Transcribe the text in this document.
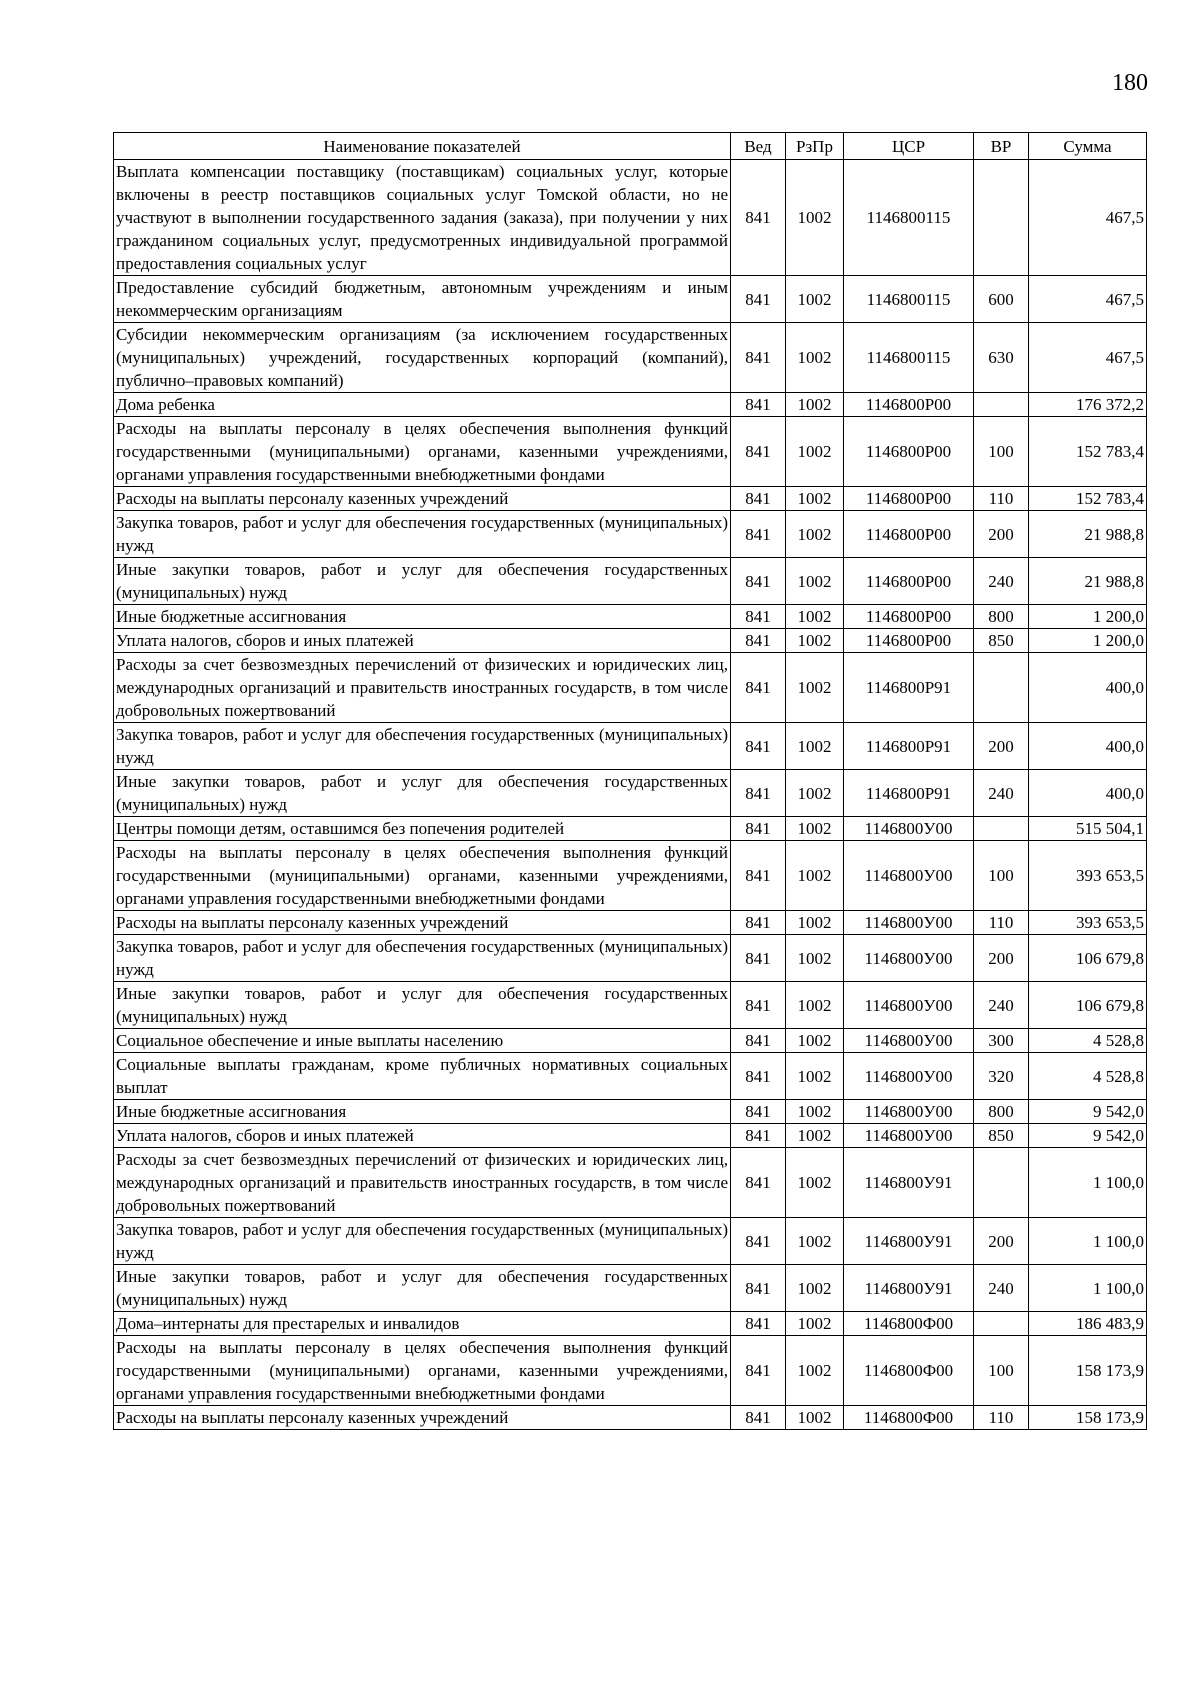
180
Наименование показателей	Вед	РзПр	ЦСР	ВР	Сумма
Выплата компенсации поставщику (поставщикам) социальных услуг, которые включены в реестр поставщиков социальных услуг Томской области, но не участвуют в выполнении государственного задания (заказа), при получении у них гражданином социальных услуг, предусмотренных индивидуальной программой предоставления социальных услуг	841	1002	1146800115		467,5
Предоставление субсидий бюджетным, автономным учреждениям и иным некоммерческим организациям	841	1002	1146800115	600	467,5
Субсидии некоммерческим организациям (за исключением государственных (муниципальных) учреждений, государственных корпораций (компаний), публично–правовых компаний)	841	1002	1146800115	630	467,5
Дома ребенка	841	1002	1146800Р00		176 372,2
Расходы на выплаты персоналу в целях обеспечения выполнения функций государственными (муниципальными) органами, казенными учреждениями, органами управления государственными внебюджетными фондами	841	1002	1146800Р00	100	152 783,4
Расходы на выплаты персоналу казенных учреждений	841	1002	1146800Р00	110	152 783,4
Закупка товаров, работ и услуг для обеспечения государственных (муниципальных) нужд	841	1002	1146800Р00	200	21 988,8
Иные закупки товаров, работ и услуг для обеспечения государственных (муниципальных) нужд	841	1002	1146800Р00	240	21 988,8
Иные бюджетные ассигнования	841	1002	1146800Р00	800	1 200,0
Уплата налогов, сборов и иных платежей	841	1002	1146800Р00	850	1 200,0
Расходы за счет безвозмездных перечислений от физических и юридических лиц, международных организаций и правительств иностранных государств, в том числе добровольных пожертвований	841	1002	1146800Р91		400,0
Закупка товаров, работ и услуг для обеспечения государственных (муниципальных) нужд	841	1002	1146800Р91	200	400,0
Иные закупки товаров, работ и услуг для обеспечения государственных (муниципальных) нужд	841	1002	1146800Р91	240	400,0
Центры помощи детям, оставшимся без попечения родителей	841	1002	1146800У00		515 504,1
Расходы на выплаты персоналу в целях обеспечения выполнения функций государственными (муниципальными) органами, казенными учреждениями, органами управления государственными внебюджетными фондами	841	1002	1146800У00	100	393 653,5
Расходы на выплаты персоналу казенных учреждений	841	1002	1146800У00	110	393 653,5
Закупка товаров, работ и услуг для обеспечения государственных (муниципальных) нужд	841	1002	1146800У00	200	106 679,8
Иные закупки товаров, работ и услуг для обеспечения государственных (муниципальных) нужд	841	1002	1146800У00	240	106 679,8
Социальное обеспечение и иные выплаты населению	841	1002	1146800У00	300	4 528,8
Социальные выплаты гражданам, кроме публичных нормативных социальных выплат	841	1002	1146800У00	320	4 528,8
Иные бюджетные ассигнования	841	1002	1146800У00	800	9 542,0
Уплата налогов, сборов и иных платежей	841	1002	1146800У00	850	9 542,0
Расходы за счет безвозмездных перечислений от физических и юридических лиц, международных организаций и правительств иностранных государств, в том числе добровольных пожертвований	841	1002	1146800У91		1 100,0
Закупка товаров, работ и услуг для обеспечения государственных (муниципальных) нужд	841	1002	1146800У91	200	1 100,0
Иные закупки товаров, работ и услуг для обеспечения государственных (муниципальных) нужд	841	1002	1146800У91	240	1 100,0
Дома–интернаты для престарелых и инвалидов	841	1002	1146800Ф00		186 483,9
Расходы на выплаты персоналу в целях обеспечения выполнения функций государственными (муниципальными) органами, казенными учреждениями, органами управления государственными внебюджетными фондами	841	1002	1146800Ф00	100	158 173,9
Расходы на выплаты персоналу казенных учреждений	841	1002	1146800Ф00	110	158 173,9
